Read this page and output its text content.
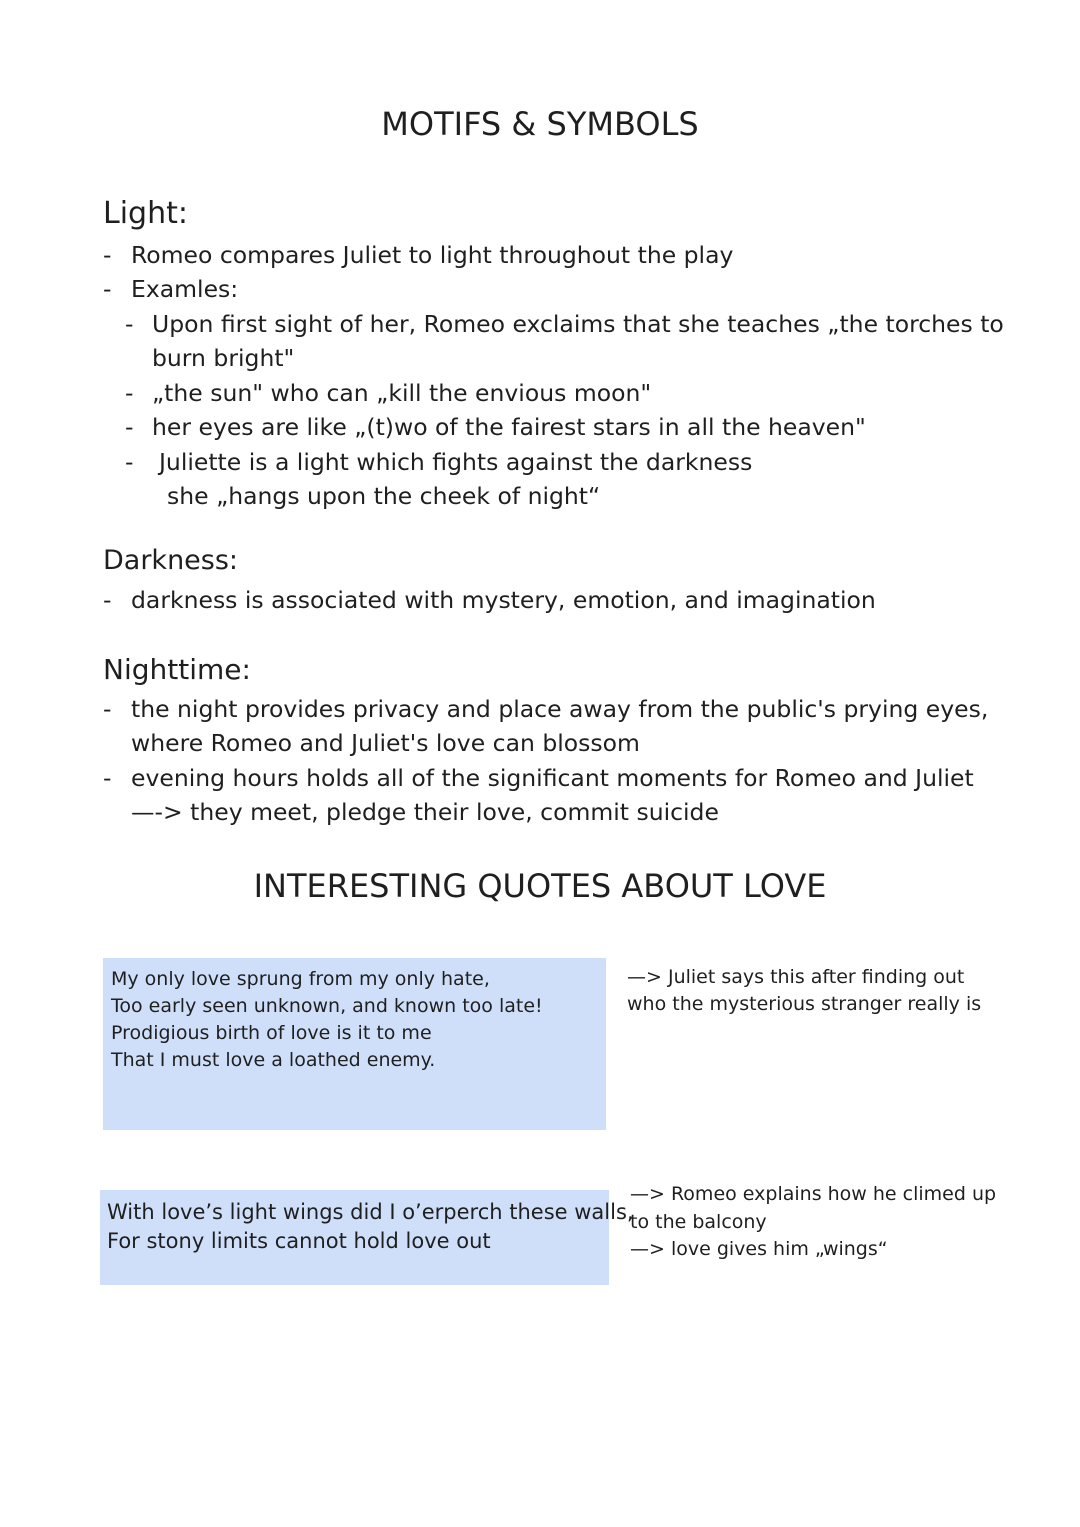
MOTIFS & SYMBOLS
Light:
- Romeo compares Juliet to light throughout the play
- Examles:
- Upon first sight of her, Romeo exclaims that she teaches „the torches to
burn bright"
- „the sun" who can „kill the envious moon"
- her eyes are like „(t)wo of the fairest stars in all the heaven"
- Juliette is a light which fights against the darkness
she „hangs upon the cheek of night“
Darkness:
- darkness is associated with mystery, emotion, and imagination
Nighttime:
- the night provides privacy and place away from the public's prying eyes,
where Romeo and Juliet's love can blossom
- evening hours holds all of the significant moments for Romeo and Juliet
—-> they meet, pledge their love, commit suicide
INTERESTING QUOTES ABOUT LOVE
My only love sprung from my only hate,
Too early seen unknown, and known too late!
Prodigious birth of love is it to me
That I must love a loathed enemy.
—> Juliet says this after finding out
who the mysterious stranger really is
With love’s light wings did I o’erperch these walls,
For stony limits cannot hold love out
—> Romeo explains how he climed up
to the balcony
—> love gives him „wings“
